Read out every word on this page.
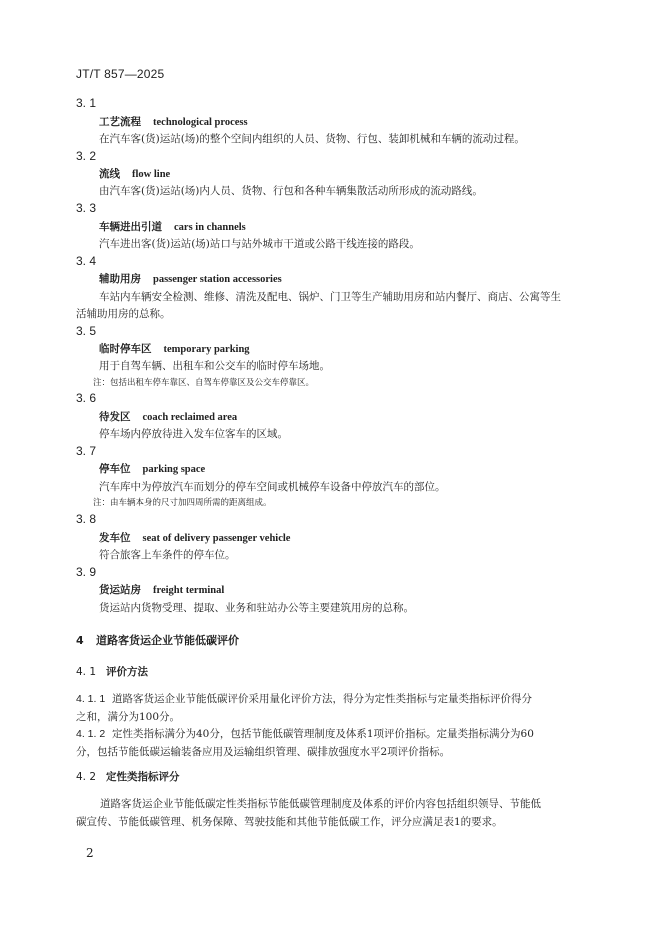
JT/T 857—2025
3. 1
工艺流程 technological process
在汽车客(货)运站(场)的整个空间内组织的人员、货物、行包、装卸机械和车辆的流动过程。
3. 2
流线 flow line
由汽车客(货)运站(场)内人员、货物、行包和各种车辆集散活动所形成的流动路线。
3. 3
车辆进出引道 cars in channels
汽车进出客(货)运站(场)站口与站外城市干道或公路干线连接的路段。
3. 4
辅助用房 passenger station accessories
车站内车辆安全检测、维修、清洗及配电、锅炉、门卫等生产辅助用房和站内餐厅、商店、公寓等生
活辅助用房的总称。
3. 5
临时停车区 temporary parking
用于自驾车辆、出租车和公交车的临时停车场地。
注：包括出租车停车靠区、自驾车停靠区及公交车停靠区。
3. 6
待发区 coach reclaimed area
停车场内停放待进入发车位客车的区域。
3. 7
停车位 parking space
汽车库中为停放汽车而划分的停车空间或机械停车设备中停放汽车的部位。
注：由车辆本身的尺寸加四周所需的距离组成。
3. 8
发车位 seat of delivery passenger vehicle
符合旅客上车条件的停车位。
3. 9
货运站房 freight terminal
货运站内货物受理、提取、业务和驻站办公等主要建筑用房的总称。
4 道路客货运企业节能低碳评价
4. 1 评价方法
4. 1. 1 道路客货运企业节能低碳评价采用量化评价方法，得分为定性类指标与定量类指标评价得分
之和，满分为100分。
4. 1. 2 定性类指标满分为40分，包括节能低碳管理制度及体系1项评价指标。定量类指标满分为60
分，包括节能低碳运输装备应用及运输组织管理、碳排放强度水平2项评价指标。
4. 2 定性类指标评分
道路客货运企业节能低碳定性类指标节能低碳管理制度及体系的评价内容包括组织领导、节能低
碳宣传、节能低碳管理、机务保障、驾驶技能和其他节能低碳工作，评分应满足表1的要求。
2
